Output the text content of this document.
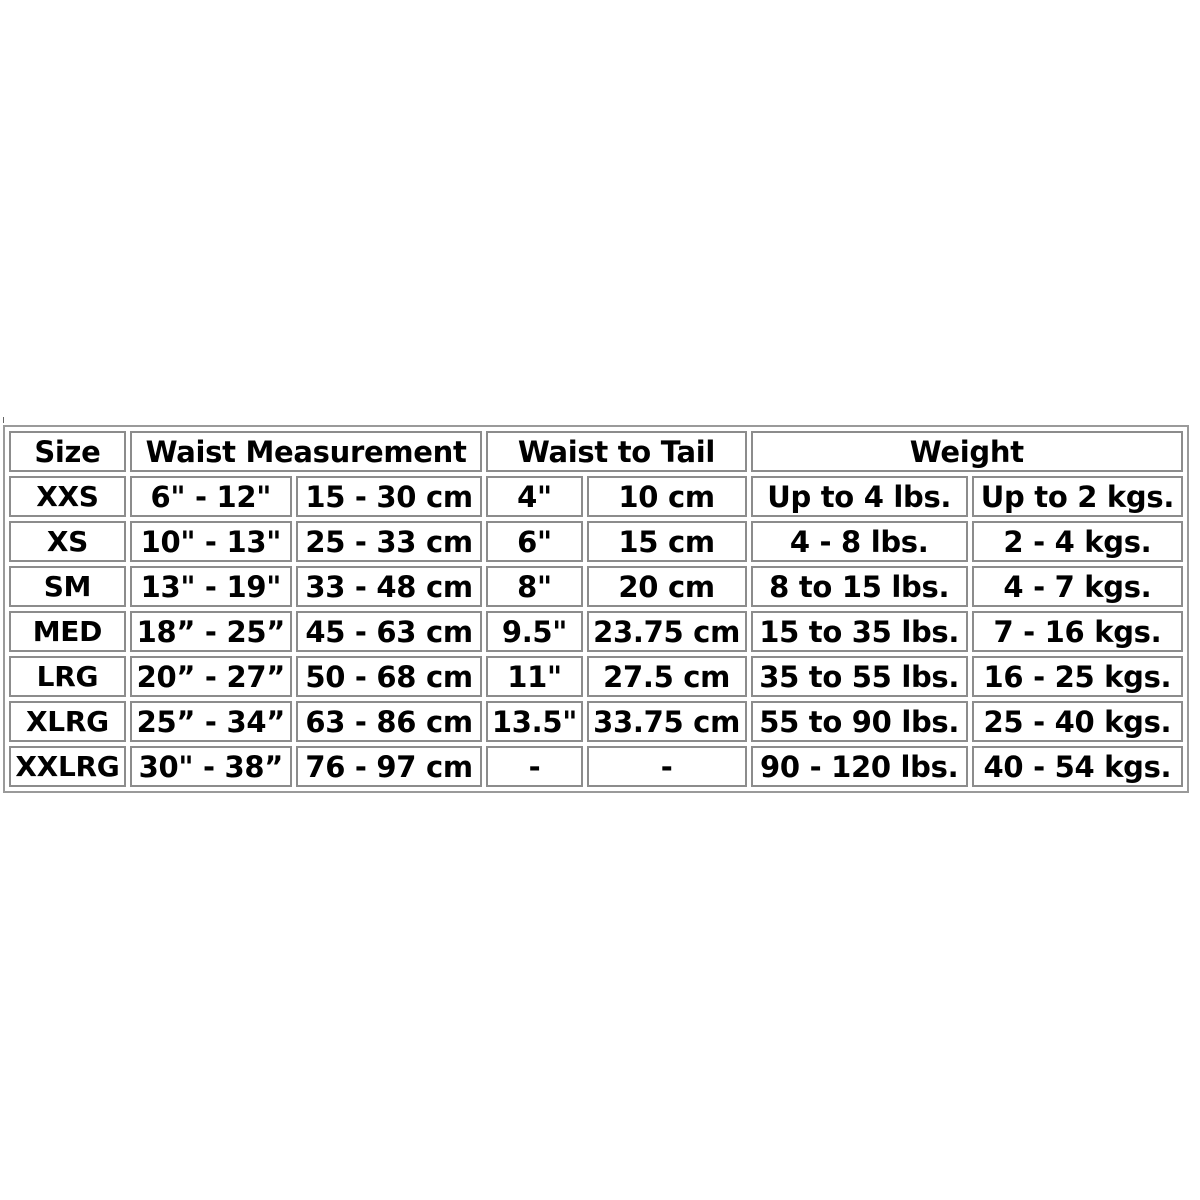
Size	Waist Measurement		Waist to Tail		Weight	
XXS	6" - 12"	15 - 30 cm	4"	10 cm	Up to 4 lbs.	Up to 2 kgs.
XS	10" - 13"	25 - 33 cm	6"	15 cm	4 - 8 lbs.	2 - 4 kgs.
SM	13" - 19"	33 - 48 cm	8"	20 cm	8 to 15 lbs.	4 - 7 kgs.
MED	18” - 25”	45 - 63 cm	9.5"	23.75 cm	15 to 35 lbs.	7 - 16 kgs.
LRG	20” - 27”	50 - 68 cm	11"	27.5 cm	35 to 55 lbs.	16 - 25 kgs.
XLRG	25” - 34”	63 - 86 cm	13.5"	33.75 cm	55 to 90 lbs.	25 - 40 kgs.
XXLRG	30" - 38”	76 - 97 cm	-	-	90 - 120 lbs.	40 - 54 kgs.
